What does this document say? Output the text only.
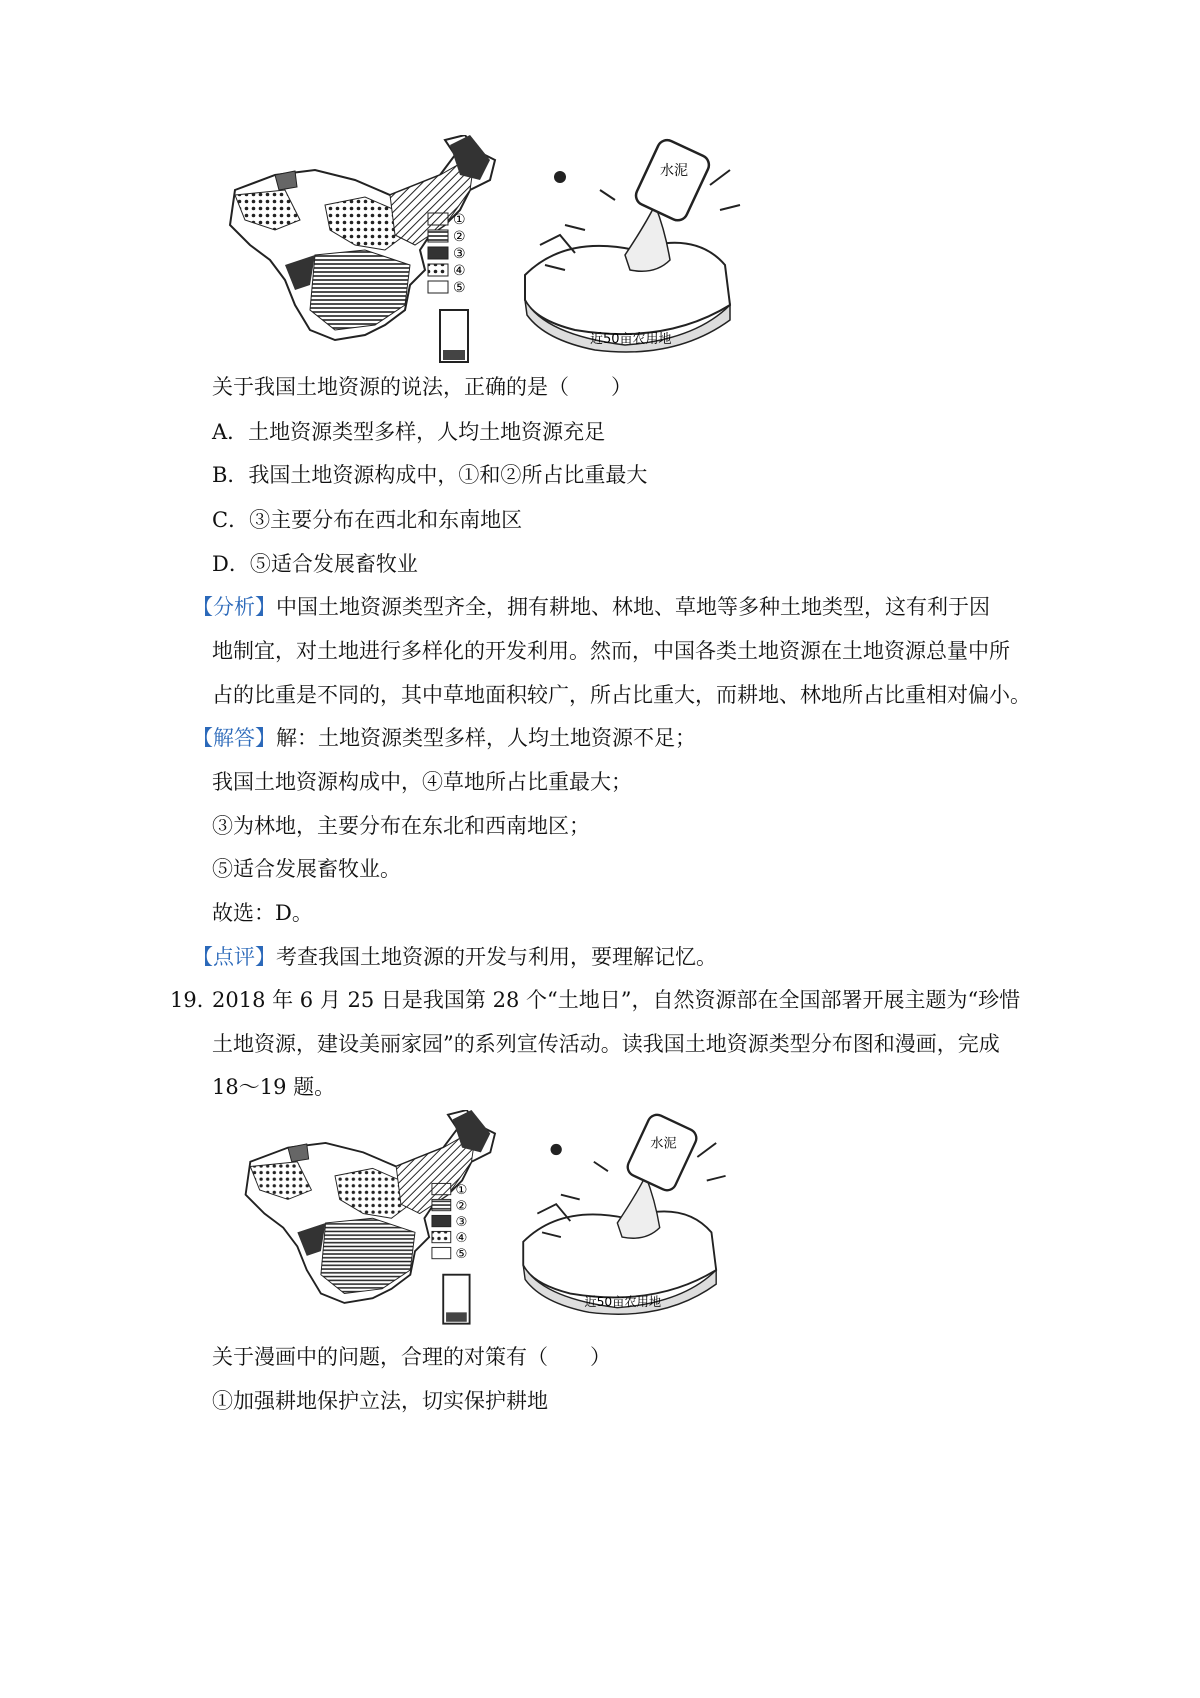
①
②
③
④
⑤
水泥
近50亩农用地
关于我国土地资源的说法，正确的是（　　）
A．土地资源类型多样，人均土地资源充足
B．我国土地资源构成中，①和②所占比重最大
C．③主要分布在西北和东南地区
D．⑤适合发展畜牧业
【分析】中国土地资源类型齐全，拥有耕地、林地、草地等多种土地类型，这有利于因
地制宜，对土地进行多样化的开发利用。然而，中国各类土地资源在土地资源总量中所
占的比重是不同的，其中草地面积较广，所占比重大，而耕地、林地所占比重相对偏小。
【解答】解：土地资源类型多样，人均土地资源不足；
我国土地资源构成中，④草地所占比重最大；
③为林地，主要分布在东北和西南地区；
⑤适合发展畜牧业。
故选：D。
【点评】考查我国土地资源的开发与利用，要理解记忆。
19．
2018 年 6 月 25 日是我国第 28 个“土地日”，自然资源部在全国部署开展主题为“珍惜
土地资源，建设美丽家园”的系列宣传活动。读我国土地资源类型分布图和漫画，完成
18～19 题。
①
②
③
④
⑤
水泥
近50亩农用地
关于漫画中的问题，合理的对策有（　　）
①加强耕地保护立法，切实保护耕地
